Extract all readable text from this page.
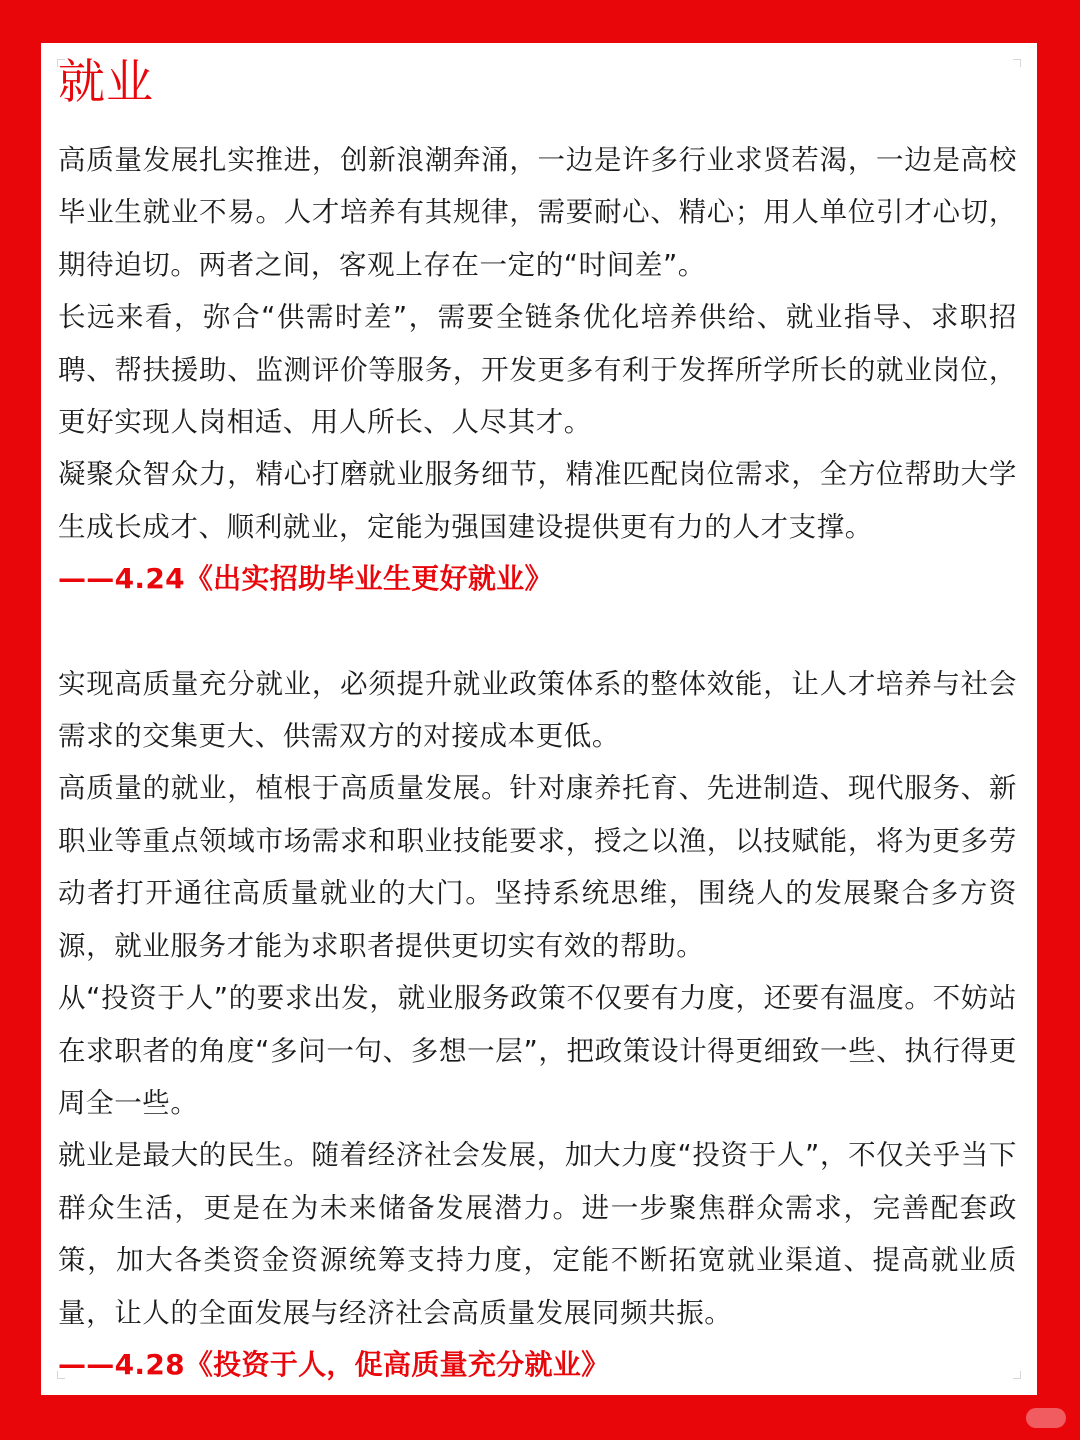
就业

高质量发展扎实推进，创新浪潮奔涌，一边是许多行业求贤若渴，一边是高校毕业生就业不易。人才培养有其规律，需要耐心、精心；用人单位引才心切，期待迫切。两者之间，客观上存在一定的“时间差”。

长远来看，弥合“供需时差”，需要全链条优化培养供给、就业指导、求职招聘、帮扶援助、监测评价等服务，开发更多有利于发挥所学所长的就业岗位，更好实现人岗相适、用人所长、人尽其才。

凝聚众智众力，精心打磨就业服务细节，精准匹配岗位需求，全方位帮助大学生成长成才、顺利就业，定能为强国建设提供更有力的人才支撑。

——4.24《出实招助毕业生更好就业》

实现高质量充分就业，必须提升就业政策体系的整体效能，让人才培养与社会需求的交集更大、供需双方的对接成本更低。

高质量的就业，植根于高质量发展。针对康养托育、先进制造、现代服务、新职业等重点领域市场需求和职业技能要求，授之以渔，以技赋能，将为更多劳动者打开通往高质量就业的大门。坚持系统思维，围绕人的发展聚合多方资源，就业服务才能为求职者提供更切实有效的帮助。

从“投资于人”的要求出发，就业服务政策不仅要有力度，还要有温度。不妨站在求职者的角度“多问一句、多想一层”，把政策设计得更细致一些、执行得更周全一些。

就业是最大的民生。随着经济社会发展，加大力度“投资于人”，不仅关乎当下群众生活，更是在为未来储备发展潜力。进一步聚焦群众需求，完善配套政策，加大各类资金资源统筹支持力度，定能不断拓宽就业渠道、提高就业质量，让人的全面发展与经济社会高质量发展同频共振。

——4.28《投资于人，促高质量充分就业》
